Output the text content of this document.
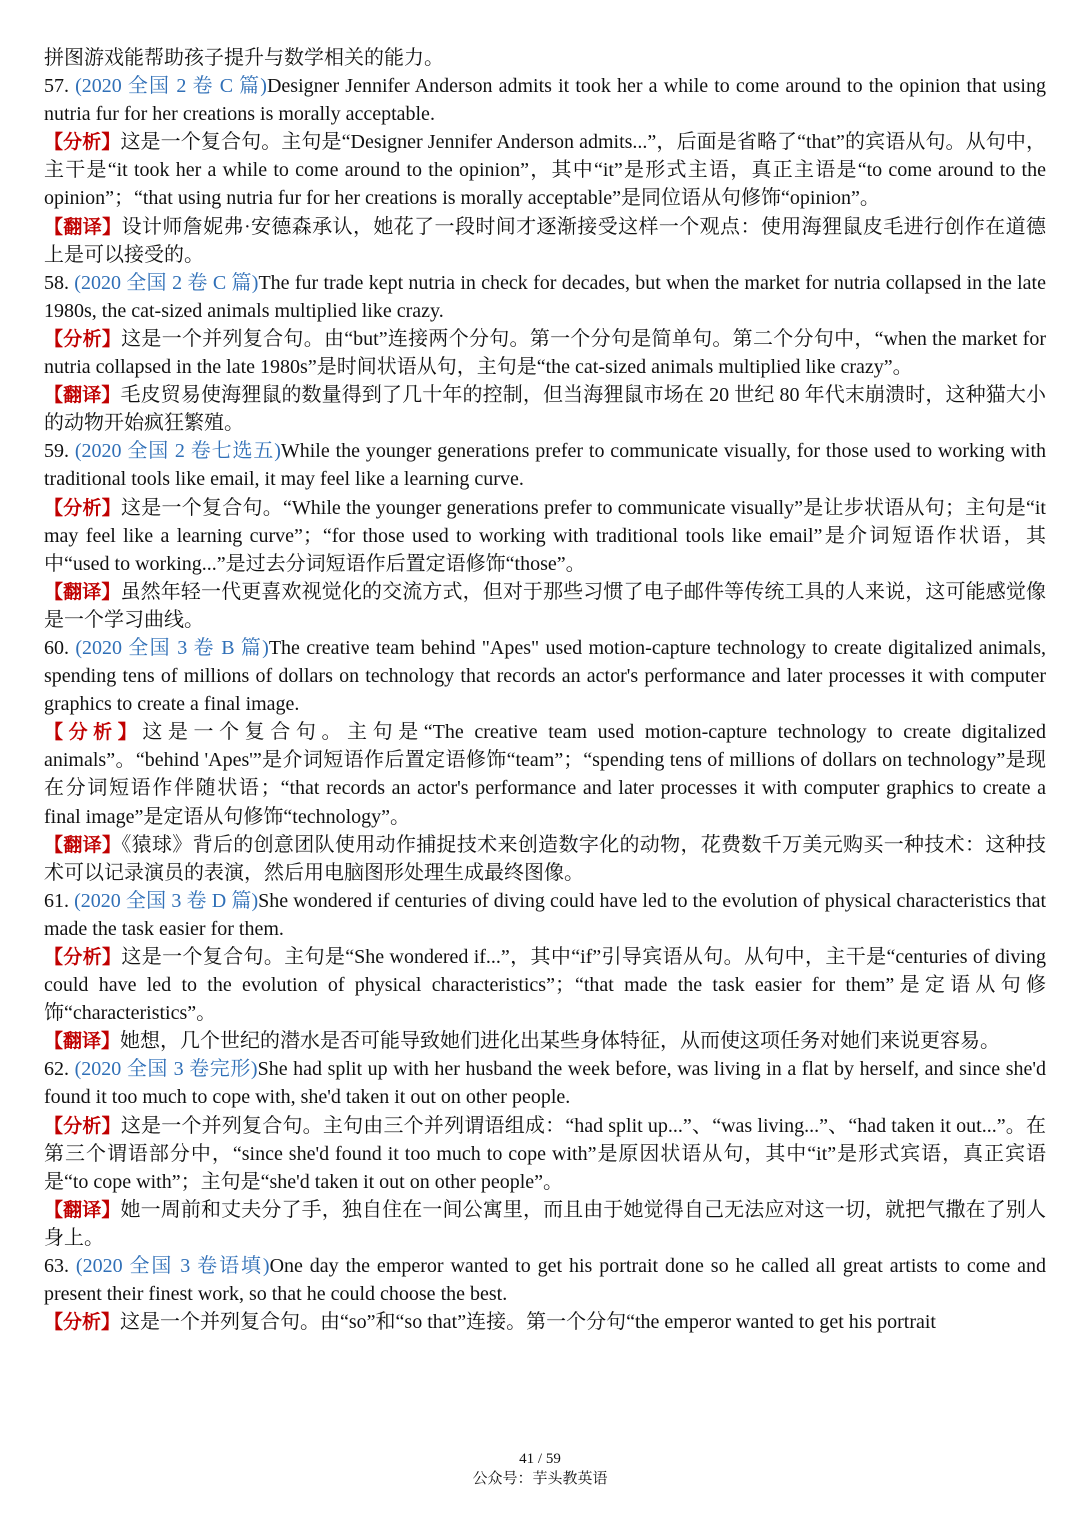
拼图游戏能帮助孩子提升与数学相关的能力。

57. (2020 全国 2 卷 C 篇)Designer Jennifer Anderson admits it took her a while to come around to the opinion that using nutria fur for her creations is morally acceptable.

【分析】这是一个复合句。主句是“Designer Jennifer Anderson admits...”，后面是省略了“that”的宾语从句。从句中，主干是“it took her a while to come around to the opinion”，其中“it”是形式主语，真正主语是“to come around to the opinion”；“that using nutria fur for her creations is morally acceptable”是同位语从句修饰“opinion”。

【翻译】设计师詹妮弗·安德森承认，她花了一段时间才逐渐接受这样一个观点：使用海狸鼠皮毛进行创作在道德上是可以接受的。

58. (2020 全国 2 卷 C 篇)The fur trade kept nutria in check for decades, but when the market for nutria collapsed in the late 1980s, the cat-sized animals multiplied like crazy.

【分析】这是一个并列复合句。由“but”连接两个分句。第一个分句是简单句。第二个分句中，“when the market for nutria collapsed in the late 1980s”是时间状语从句，主句是“the cat-sized animals multiplied like crazy”。

【翻译】毛皮贸易使海狸鼠的数量得到了几十年的控制，但当海狸鼠市场在 20 世纪 80 年代末崩溃时，这种猫大小的动物开始疯狂繁殖。

59. (2020 全国 2 卷七选五)While the younger generations prefer to communicate visually, for those used to working with traditional tools like email, it may feel like a learning curve.

【分析】这是一个复合句。“While the younger generations prefer to communicate visually”是让步状语从句；主句是“it may feel like a learning curve”；“for those used to working with traditional tools like email”是介词短语作状语，其中“used to working...”是过去分词短语作后置定语修饰“those”。

【翻译】虽然年轻一代更喜欢视觉化的交流方式，但对于那些习惯了电子邮件等传统工具的人来说，这可能感觉像是一个学习曲线。

60. (2020 全国 3 卷 B 篇)The creative team behind "Apes" used motion-capture technology to create digitalized animals, spending tens of millions of dollars on technology that records an actor's performance and later processes it with computer graphics to create a final image.

【分析】这是一个复合句。主句是“The creative team used motion-capture technology to create digitalized animals”。“behind 'Apes'”是介词短语作后置定语修饰“team”；“spending tens of millions of dollars on technology”是现在分词短语作伴随状语；“that records an actor's performance and later processes it with computer graphics to create a final image”是定语从句修饰“technology”。

【翻译】《猿球》背后的创意团队使用动作捕捉技术来创造数字化的动物，花费数千万美元购买一种技术：这种技术可以记录演员的表演，然后用电脑图形处理生成最终图像。

61. (2020 全国 3 卷 D 篇)She wondered if centuries of diving could have led to the evolution of physical characteristics that made the task easier for them.

【分析】这是一个复合句。主句是“She wondered if...”，其中“if”引导宾语从句。从句中，主干是“centuries of diving could have led to the evolution of physical characteristics”；“that made the task easier for them”是定语从句修饰“characteristics”。

【翻译】她想，几个世纪的潜水是否可能导致她们进化出某些身体特征，从而使这项任务对她们来说更容易。

62. (2020 全国 3 卷完形)She had split up with her husband the week before, was living in a flat by herself, and since she'd found it too much to cope with, she'd taken it out on other people.

【分析】这是一个并列复合句。主句由三个并列谓语组成：“had split up...”、“was living...”、“had taken it out...”。在第三个谓语部分中，“since she'd found it too much to cope with”是原因状语从句，其中“it”是形式宾语，真正宾语是“to cope with”；主句是“she'd taken it out on other people”。

【翻译】她一周前和丈夫分了手，独自住在一间公寓里，而且由于她觉得自己无法应对这一切，就把气撒在了别人身上。

63. (2020 全国 3 卷语填)One day the emperor wanted to get his portrait done so he called all great artists to come and present their finest work, so that he could choose the best.

【分析】这是一个并列复合句。由“so”和“so that”连接。第一个分句“the emperor wanted to get his portrait

41 / 59
公众号：芋头教英语
